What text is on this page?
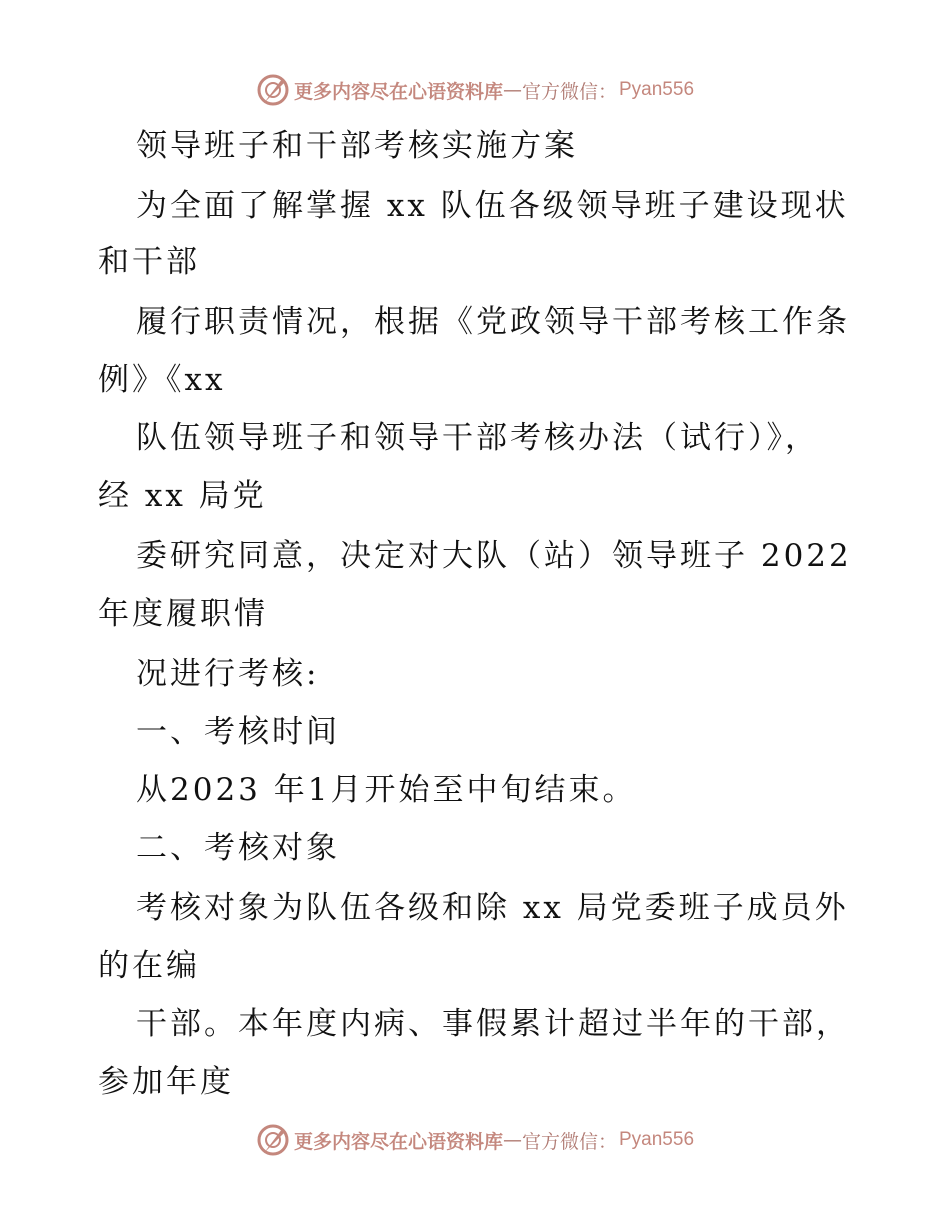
更多内容尽在心语资料库 — 官方微信： Pyan556
领导班子和干部考核实施方案
为全面了解掌握 xx 队伍各级领导班子建设现状
和干部
履行职责情况，根据《党政领导干部考核工作条
例》《xx
队伍领导班子和领导干部考核办法（试行）》，
经 xx 局党
委研究同意，决定对大队（站）领导班子 2022
年度履职情
况进行考核:
一、考核时间
从2023 年1月开始至中旬结束。
二、考核对象
考核对象为队伍各级和除 xx 局党委班子成员外
的在编
干部。本年度内病、事假累计超过半年的干部，
参加年度
更多内容尽在心语资料库 — 官方微信： Pyan556
